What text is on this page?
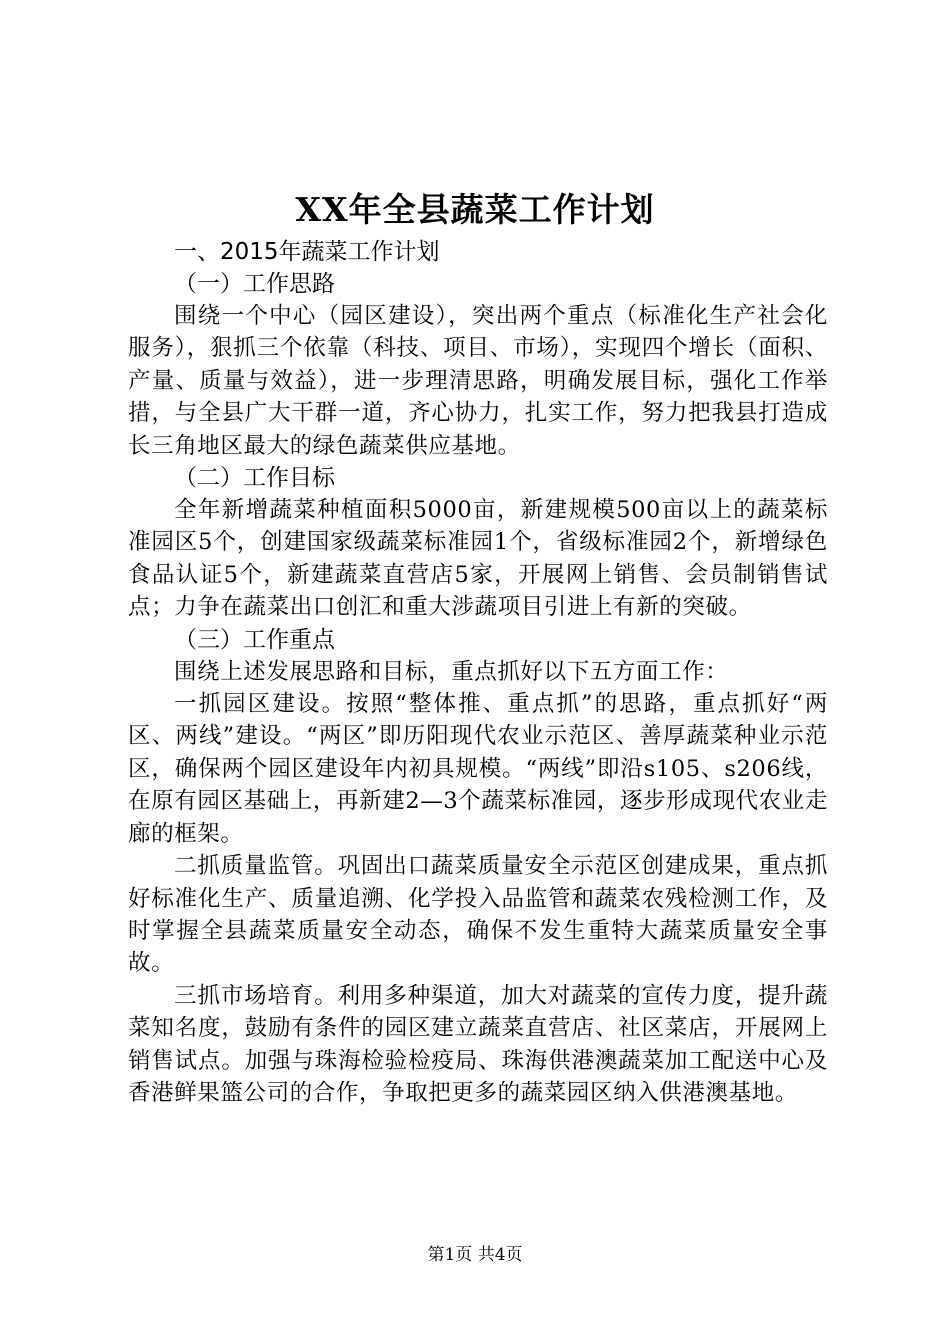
XX年全县蔬菜工作计划
一、2015年蔬菜工作计划
（一）工作思路

围绕一个中心（园区建设），突出两个重点（标准化生产社会化服务），狠抓三个依靠（科技、项目、市场），实现四个增长（面积、产量、质量与效益），进一步理清思路，明确发展目标，强化工作举措，与全县广大干群一道，齐心协力，扎实工作，努力把我县打造成长三角地区最大的绿色蔬菜供应基地。

（二）工作目标

全年新增蔬菜种植面积5000亩，新建规模500亩以上的蔬菜标准园区5个，创建国家级蔬菜标准园1个，省级标准园2个，新增绿色食品认证5个，新建蔬菜直营店5家，开展网上销售、会员制销售试点；力争在蔬菜出口创汇和重大涉蔬项目引进上有新的突破。

（三）工作重点

围绕上述发展思路和目标，重点抓好以下五方面工作：

一抓园区建设。按照“整体推、重点抓”的思路，重点抓好“两区、两线”建设。“两区”即历阳现代农业示范区、善厚蔬菜种业示范区，确保两个园区建设年内初具规模。“两线”即沿s105、s206线，在原有园区基础上，再新建2—3个蔬菜标准园，逐步形成现代农业走廊的框架。

二抓质量监管。巩固出口蔬菜质量安全示范区创建成果，重点抓好标准化生产、质量追溯、化学投入品监管和蔬菜农残检测工作，及时掌握全县蔬菜质量安全动态，确保不发生重特大蔬菜质量安全事故。

三抓市场培育。利用多种渠道，加大对蔬菜的宣传力度，提升蔬菜知名度，鼓励有条件的园区建立蔬菜直营店、社区菜店，开展网上销售试点。加强与珠海检验检疫局、珠海供港澳蔬菜加工配送中心及香港鲜果篮公司的合作，争取把更多的蔬菜园区纳入供港澳基地。

第1页 共4页
